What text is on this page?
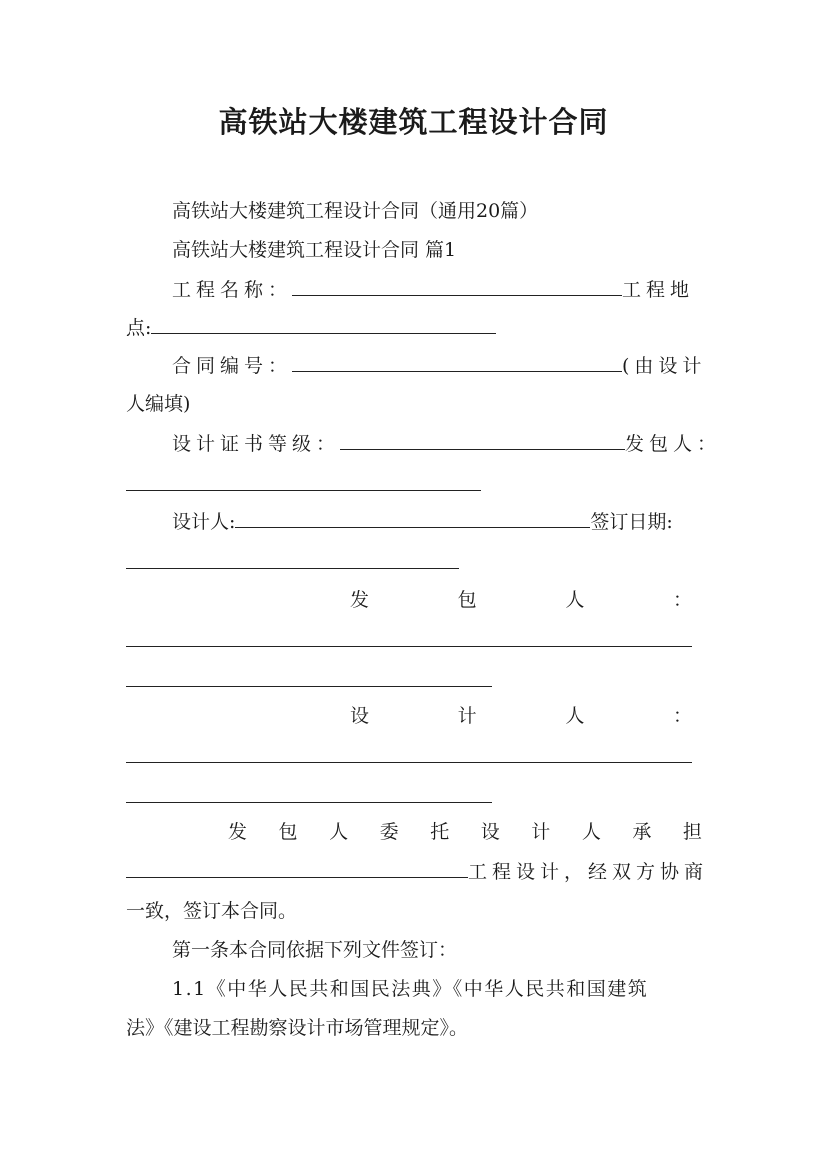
高铁站大楼建筑工程设计合同
高铁站大楼建筑工程设计合同（通用20篇）
高铁站大楼建筑工程设计合同 篇1
工程名称：	工程地
点:
合同编号：	(由设计
人编填)
设计证书等级：	发包人：
设计人:	签订日期:
发	包	人	：
设	计	人	：
发 包 人 委 托 设 计 人 承 担
工程设计，经双方协商
一致，签订本合同。
第一条本合同依据下列文件签订：
1.1《中华人民共和国民法典》《中华人民共和国建筑
法》《建设工程勘察设计市场管理规定》。
